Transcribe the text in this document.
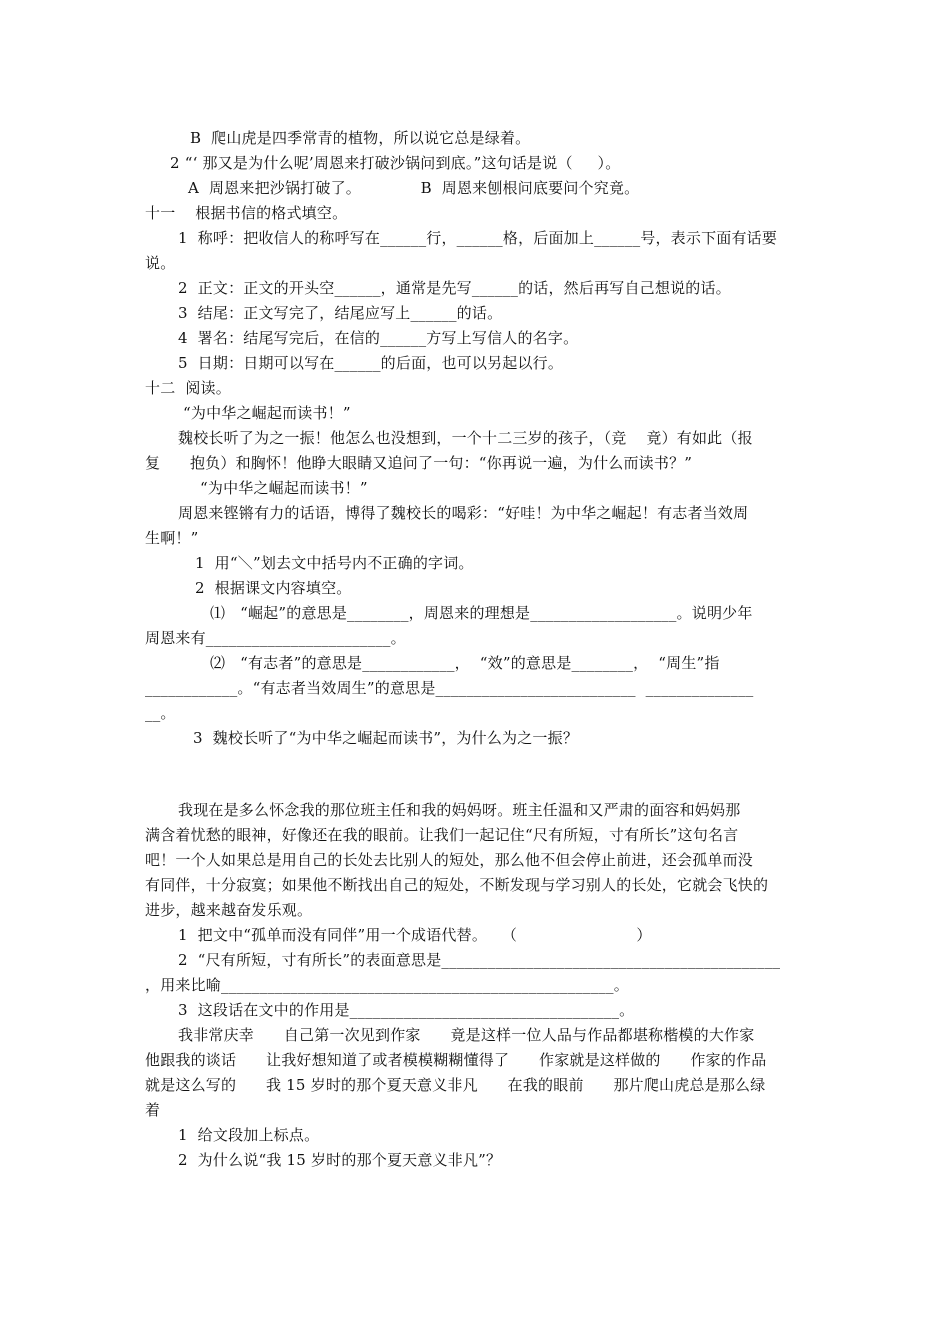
B  爬山虎是四季常青的植物，所以说它总是绿着。
2 “‘ 那又是为什么呢’周恩来打破沙锅问到底。”这句话是说（     ）。
A  周恩来把沙锅打破了。            B  周恩来刨根问底要问个究竟。
十一    根据书信的格式填空。
1  称呼：把收信人的称呼写在______行，______格，后面加上______号，表示下面有话要
说。
2  正文：正文的开头空______，通常是先写______的话，然后再写自己想说的话。
3  结尾：正文写完了，结尾应写上______的话。
4  署名：结尾写完后，在信的______方写上写信人的名字。
5  日期：日期可以写在______的后面，也可以另起以行。
十二  阅读。
“为中华之崛起而读书！”
魏校长听了为之一振！他怎么也没想到，一个十二三岁的孩子，（竞    竟）有如此（报
复      抱负）和胸怀！他睁大眼睛又追问了一句：“你再说一遍，为什么而读书？”
“为中华之崛起而读书！”
周恩来铿锵有力的话语，博得了魏校长的喝彩：“好哇！为中华之崛起！有志者当效周
生啊！”
1  用“＼”划去文中括号内不正确的字词。
2  根据课文内容填空。
⑴   “崛起”的意思是________，周恩来的理想是___________________。说明少年
周恩来有________________________。
⑵   “有志者”的意思是____________，  “效”的意思是________，  “周生”指
____________。“有志者当效周生”的意思是__________________________  ______________
__。
3  魏校长听了“为中华之崛起而读书”，为什么为之一振？
我现在是多么怀念我的那位班主任和我的妈妈呀。班主任温和又严肃的面容和妈妈那
满含着忧愁的眼神，好像还在我的眼前。让我们一起记住“尺有所短，寸有所长”这句名言
吧！一个人如果总是用自己的长处去比别人的短处，那么他不但会停止前进，还会孤单而没
有同伴，十分寂寞；如果他不断找出自己的短处，不断发现与学习别人的长处，它就会飞快的
进步，越来越奋发乐观。
1  把文中“孤单而没有同伴”用一个成语代替。   （                        ）
2  “尺有所短，寸有所长”的表面意思是____________________________________________
，用来比喻___________________________________________________。
3  这段话在文中的作用是___________________________________。
我非常庆幸      自己第一次见到作家      竟是这样一位人品与作品都堪称楷模的大作家
他跟我的谈话      让我好想知道了或者模模糊糊懂得了      作家就是这样做的      作家的作品
就是这么写的      我 15 岁时的那个夏天意义非凡      在我的眼前      那片爬山虎总是那么绿
着
1  给文段加上标点。
2  为什么说“我 15 岁时的那个夏天意义非凡”？
